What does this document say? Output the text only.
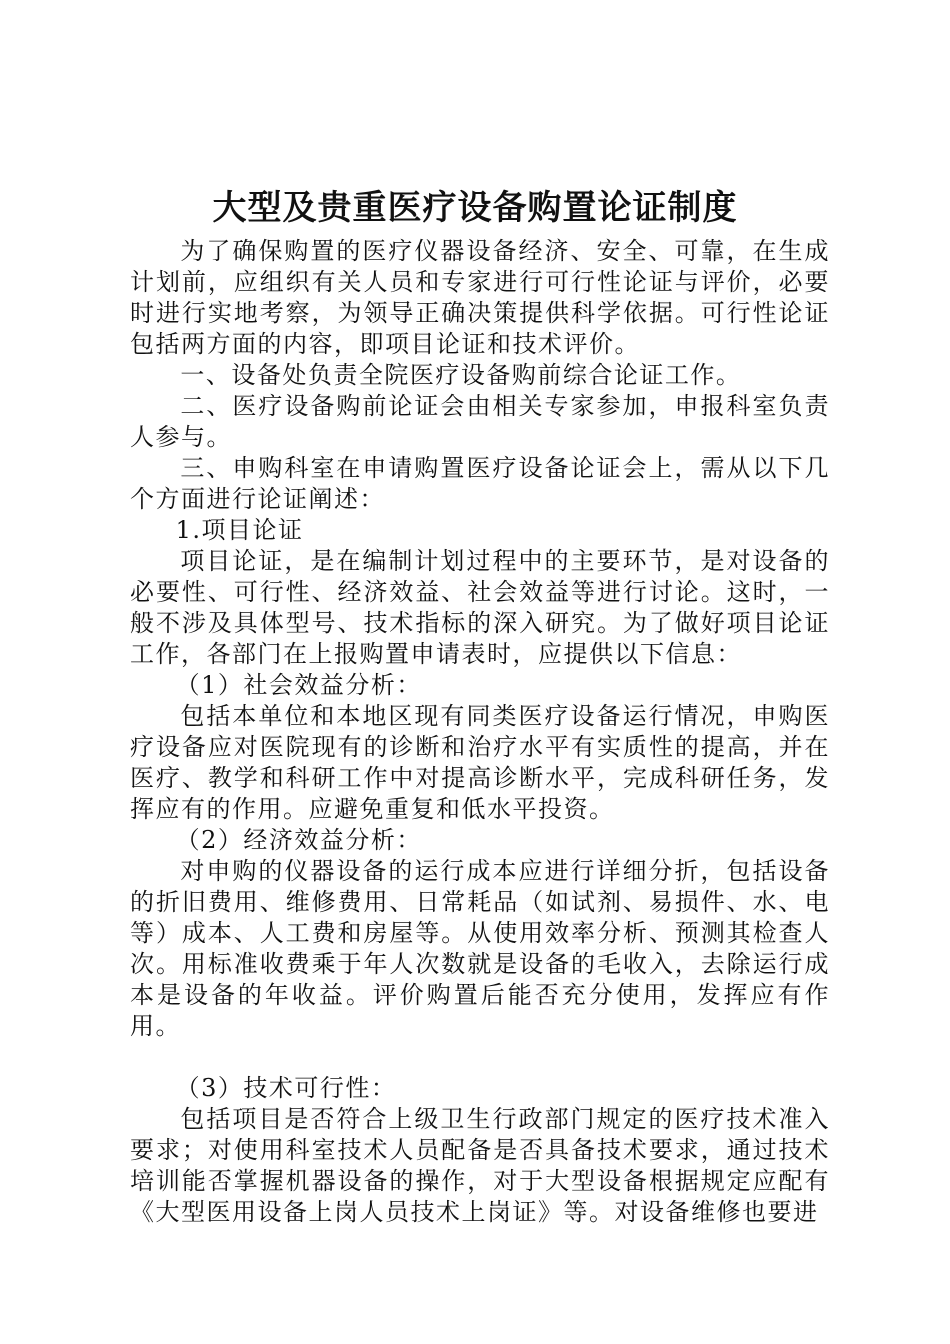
大型及贵重医疗设备购置论证制度

为了确保购置的医疗仪器设备经济、安全、可靠，在生成计划前，应组织有关人员和专家进行可行性论证与评价，必要时进行实地考察，为领导正确决策提供科学依据。可行性论证包括两方面的内容，即项目论证和技术评价。

一、设备处负责全院医疗设备购前综合论证工作。

二、医疗设备购前论证会由相关专家参加，申报科室负责人参与。

三、申购科室在申请购置医疗设备论证会上，需从以下几个方面进行论证阐述：

1.项目论证

项目论证，是在编制计划过程中的主要环节，是对设备的必要性、可行性、经济效益、社会效益等进行讨论。这时，一般不涉及具体型号、技术指标的深入研究。为了做好项目论证工作，各部门在上报购置申请表时，应提供以下信息：

（1）社会效益分析：

包括本单位和本地区现有同类医疗设备运行情况，申购医疗设备应对医院现有的诊断和治疗水平有实质性的提高，并在医疗、教学和科研工作中对提高诊断水平，完成科研任务，发挥应有的作用。应避免重复和低水平投资。

（2）经济效益分析：

对申购的仪器设备的运行成本应进行详细分折，包括设备的折旧费用、维修费用、日常耗品（如试剂、易损件、水、电等）成本、人工费和房屋等。从使用效率分析、预测其检查人次。用标准收费乘于年人次数就是设备的毛收入，去除运行成本是设备的年收益。评价购置后能否充分使用，发挥应有作用。

（3）技术可行性：

包括项目是否符合上级卫生行政部门规定的医疗技术准入要求；对使用科室技术人员配备是否具备技术要求，通过技术培训能否掌握机器设备的操作，对于大型设备根据规定应配有《大型医用设备上岗人员技术上岗证》等。对设备维修也要进
